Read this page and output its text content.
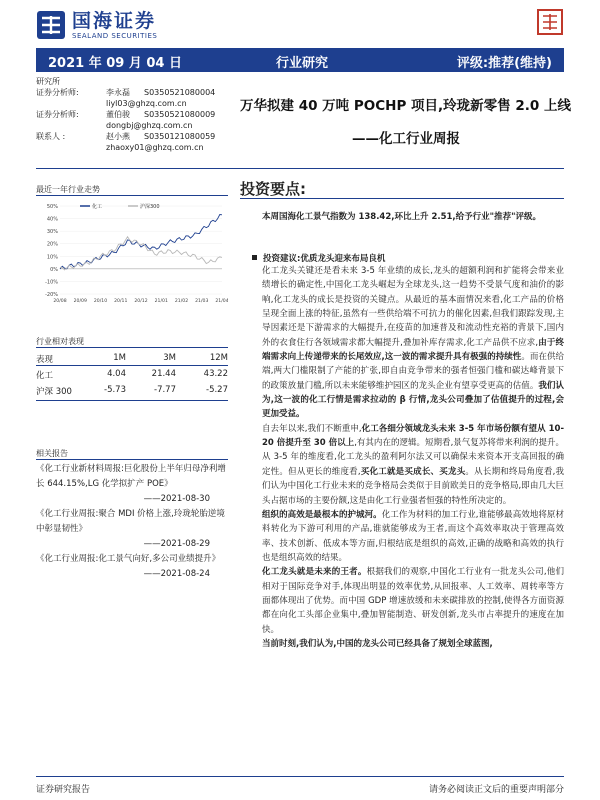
国海证券
SEALAND SECURITIES
2021 年 09 月 04 日	行业研究	评级:推荐(维持)
研究所
证券分析师:	李永磊	S0350521080004
liyl03@ghzq.com.cn
证券分析师:	董伯骏	S0350521080009
dongbj@ghzq.com.cn
联系人 :	赵小燕	S0350121080059
zhaoxy01@ghzq.com.cn
万华拟建 40 万吨 POCHP 项目,玲珑新零售 2.0 上线
——化工行业周报
最近一年行业走势
50%
40%
30%
20%
10%
0%
-10%
-20%
20/08 20/09 20/10 20/11 20/12 21/01 21/02 21/03 21/04
化工	沪深300
行业相对表现
表现	1M	3M	12M
化工	4.04	21.44	43.22
沪深 300	-5.73	-7.77	-5.27
相关报告
《化工行业新材料周报:巨化股份上半年归母净利增长 644.15%,LG 化学拟扩产 POE》
——2021-08-30
《化工行业周报:聚合 MDI 价格上涨,玲珑轮胎逆境中彰显韧性》
——2021-08-29
《化工行业周报:化工景气向好,多公司业绩提升》
——2021-08-24
投资要点:
本周国海化工景气指数为 138.42,环比上升 2.51,给予行业"推荐"评级。
投资建议:优质龙头迎来布局良机

化工龙头关键还是看未来 3-5 年业绩的成长,龙头的超额利润和扩能将会带来业绩增长的确定性,中国化工龙头崛起为全球龙头,这一趋势不受景气度和油价的影响,化工龙头的成长是投资的关键点。从最近的基本面情况来看,化工产品的价格呈现全面上涨的特征,虽然有一些供给端不可抗力的催化因素,但我们跟踪发现,主导因素还是下游需求的大幅提升,在疫苗的加速普及和流动性充裕的背景下,国内外的衣食住行各领域需求都大幅提升,叠加补库存需求,化工产品供不应求,由于终端需求向上传递带来的长尾效应,这一波的需求提升具有极强的持续性。而在供给端,两大门槛限制了产能的扩张,即自由竞争带来的强者恒强门槛和碳达峰背景下的政策放量门槛,所以未来能够维护园区的龙头企业有望享受更高的估值。我们认为,这一波的化工行情是需求拉动的 β 行情,龙头公司叠加了估值提升的过程,会更加受益。

自去年以来,我们不断重申,化工各细分领域龙头未来 3-5 年市场份额有望从 10-20 倍提升至 30 倍以上,有其内在的逻辑。短期看,景气复苏将带来利润的提升。从 3-5 年的维度看,化工龙头的盈利阿尔法又可以确保未来资本开支高回报的确定性。但从更长的维度看,买化工就是买成长、买龙头。从长期和终局角度看,我们认为中国化工行业未来的竞争格局会类似于目前欧美日的竞争格局,即由几大巨头占据市场的主要份额,这是由化工行业强者恒强的特性所决定的。

组织的高效是最根本的护城河。化工作为材料的加工行业,谁能够最高效地将原材料转化为下游可利用的产品,谁就能够成为王者,而这个高效率取决于管理高效率、技术创新、低成本等方面,归根结底是组织的高效,正确的战略和高效的执行也是组织高效的结果。

化工龙头就是未来的王者。根据我们的观察,中国化工行业有一批龙头公司,他们相对于国际竞争对手,体现出明显的效率优势,从回报率、人工效率、周转率等方面都体现出了优势。而中国 GDP 增速放缓和未来碳排放的控制,使得各方面资源都在向化工头部企业集中,叠加智能制造、研发创新,龙头市占率提升的速度在加快。

当前时刻,我们认为,中国的龙头公司已经具备了规划全球蓝图,

证券研究报告	请务必阅读正文后的重要声明部分
